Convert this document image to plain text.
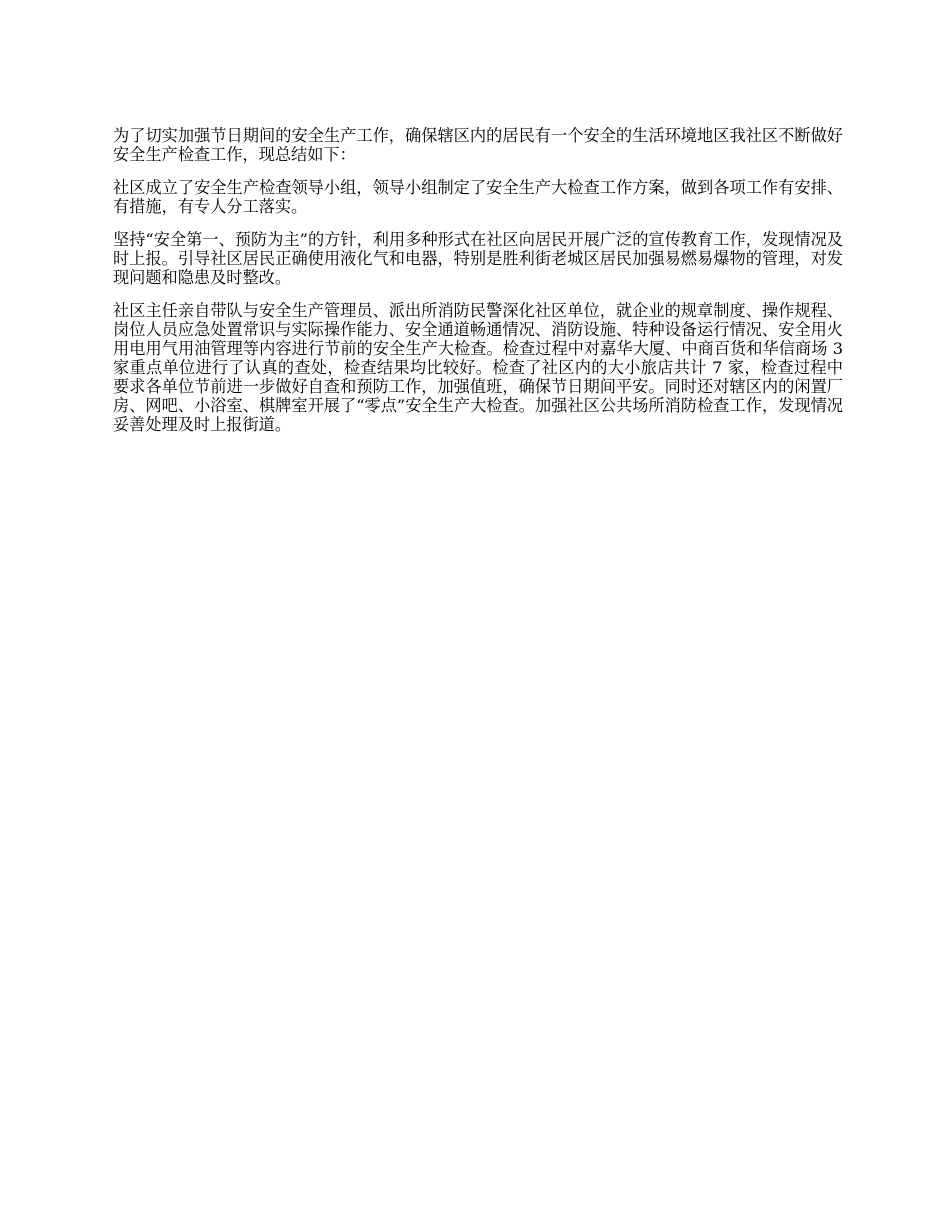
为了切实加强节日期间的安全生产工作，确保辖区内的居民有一个安全的生活环境地区我社区不断做好安全生产检查工作，现总结如下：

社区成立了安全生产检查领导小组，领导小组制定了安全生产大检查工作方案，做到各项工作有安排、有措施，有专人分工落实。

坚持“安全第一、预防为主”的方针，利用多种形式在社区向居民开展广泛的宣传教育工作，发现情况及时上报。引导社区居民正确使用液化气和电器，特别是胜利街老城区居民加强易燃易爆物的管理，对发现问题和隐患及时整改。

社区主任亲自带队与安全生产管理员、派出所消防民警深化社区单位，就企业的规章制度、操作规程、岗位人员应急处置常识与实际操作能力、安全通道畅通情况、消防设施、特种设备运行情况、安全用火用电用气用油管理等内容进行节前的安全生产大检查。检查过程中对嘉华大厦、中商百货和华信商场 3 家重点单位进行了认真的查处，检查结果均比较好。检查了社区内的大小旅店共计 7 家，检查过程中要求各单位节前进一步做好自查和预防工作，加强值班，确保节日期间平安。同时还对辖区内的闲置厂房、网吧、小浴室、棋牌室开展了“零点”安全生产大检查。加强社区公共场所消防检查工作，发现情况妥善处理及时上报街道。
